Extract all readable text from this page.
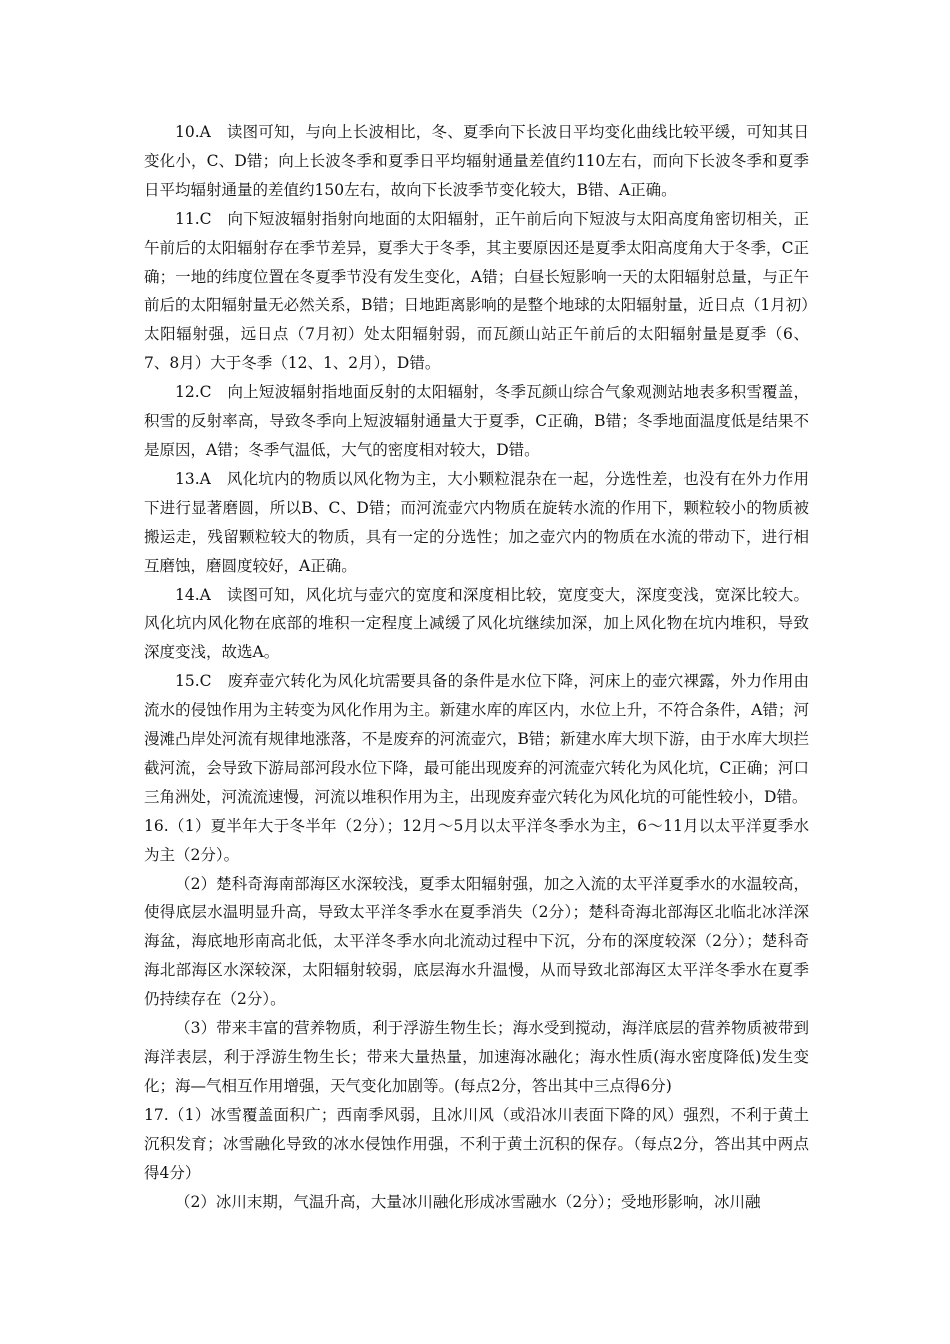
10.A　读图可知，与向上长波相比，冬、夏季向下长波日平均变化曲线比较平缓，可知其日变化小，C、D错；向上长波冬季和夏季日平均辐射通量差值约110左右，而向下长波冬季和夏季日平均辐射通量的差值约150左右，故向下长波季节变化较大，B错、A正确。

11.C　向下短波辐射指射向地面的太阳辐射，正午前后向下短波与太阳高度角密切相关，正午前后的太阳辐射存在季节差异，夏季大于冬季，其主要原因还是夏季太阳高度角大于冬季，C正确；一地的纬度位置在冬夏季节没有发生变化，A错；白昼长短影响一天的太阳辐射总量，与正午前后的太阳辐射量无必然关系，B错；日地距离影响的是整个地球的太阳辐射量，近日点（1月初）太阳辐射强，远日点（7月初）处太阳辐射弱，而瓦颜山站正午前后的太阳辐射量是夏季（6、7、8月）大于冬季（12、1、2月），D错。

12.C　向上短波辐射指地面反射的太阳辐射，冬季瓦颜山综合气象观测站地表多积雪覆盖，积雪的反射率高，导致冬季向上短波辐射通量大于夏季，C正确，B错；冬季地面温度低是结果不是原因，A错；冬季气温低，大气的密度相对较大，D错。

13.A　风化坑内的物质以风化物为主，大小颗粒混杂在一起，分选性差，也没有在外力作用下进行显著磨圆，所以B、C、D错；而河流壶穴内物质在旋转水流的作用下，颗粒较小的物质被搬运走，残留颗粒较大的物质，具有一定的分选性；加之壶穴内的物质在水流的带动下，进行相互磨蚀，磨圆度较好，A正确。

14.A　读图可知，风化坑与壶穴的宽度和深度相比较，宽度变大，深度变浅，宽深比较大。风化坑内风化物在底部的堆积一定程度上减缓了风化坑继续加深，加上风化物在坑内堆积，导致深度变浅，故选A。

15.C　废弃壶穴转化为风化坑需要具备的条件是水位下降，河床上的壶穴裸露，外力作用由流水的侵蚀作用为主转变为风化作用为主。新建水库的库区内，水位上升，不符合条件，A错；河漫滩凸岸处河流有规律地涨落，不是废弃的河流壶穴，B错；新建水库大坝下游，由于水库大坝拦截河流，会导致下游局部河段水位下降，最可能出现废弃的河流壶穴转化为风化坑，C正确；河口三角洲处，河流流速慢，河流以堆积作用为主，出现废弃壶穴转化为风化坑的可能性较小，D错。

16.（1）夏半年大于冬半年（2分）；12月～5月以太平洋冬季水为主，6～11月以太平洋夏季水为主（2分）。

（2）楚科奇海南部海区水深较浅，夏季太阳辐射强，加之入流的太平洋夏季水的水温较高，使得底层水温明显升高，导致太平洋冬季水在夏季消失（2分）；楚科奇海北部海区北临北冰洋深海盆，海底地形南高北低，太平洋冬季水向北流动过程中下沉，分布的深度较深（2分）；楚科奇海北部海区水深较深，太阳辐射较弱，底层海水升温慢，从而导致北部海区太平洋冬季水在夏季仍持续存在（2分）。

（3）带来丰富的营养物质，利于浮游生物生长；海水受到搅动，海洋底层的营养物质被带到海洋表层，利于浮游生物生长；带来大量热量，加速海冰融化；海水性质(海水密度降低)发生变化；海—气相互作用增强，天气变化加剧等。(每点2分，答出其中三点得6分)

17.（1）冰雪覆盖面积广；西南季风弱，且冰川风（或沿冰川表面下降的风）强烈，不利于黄土沉积发育；冰雪融化导致的冰水侵蚀作用强，不利于黄土沉积的保存。（每点2分，答出其中两点得4分）

（2）冰川末期，气温升高，大量冰川融化形成冰雪融水（2分）；受地形影响，冰川融
